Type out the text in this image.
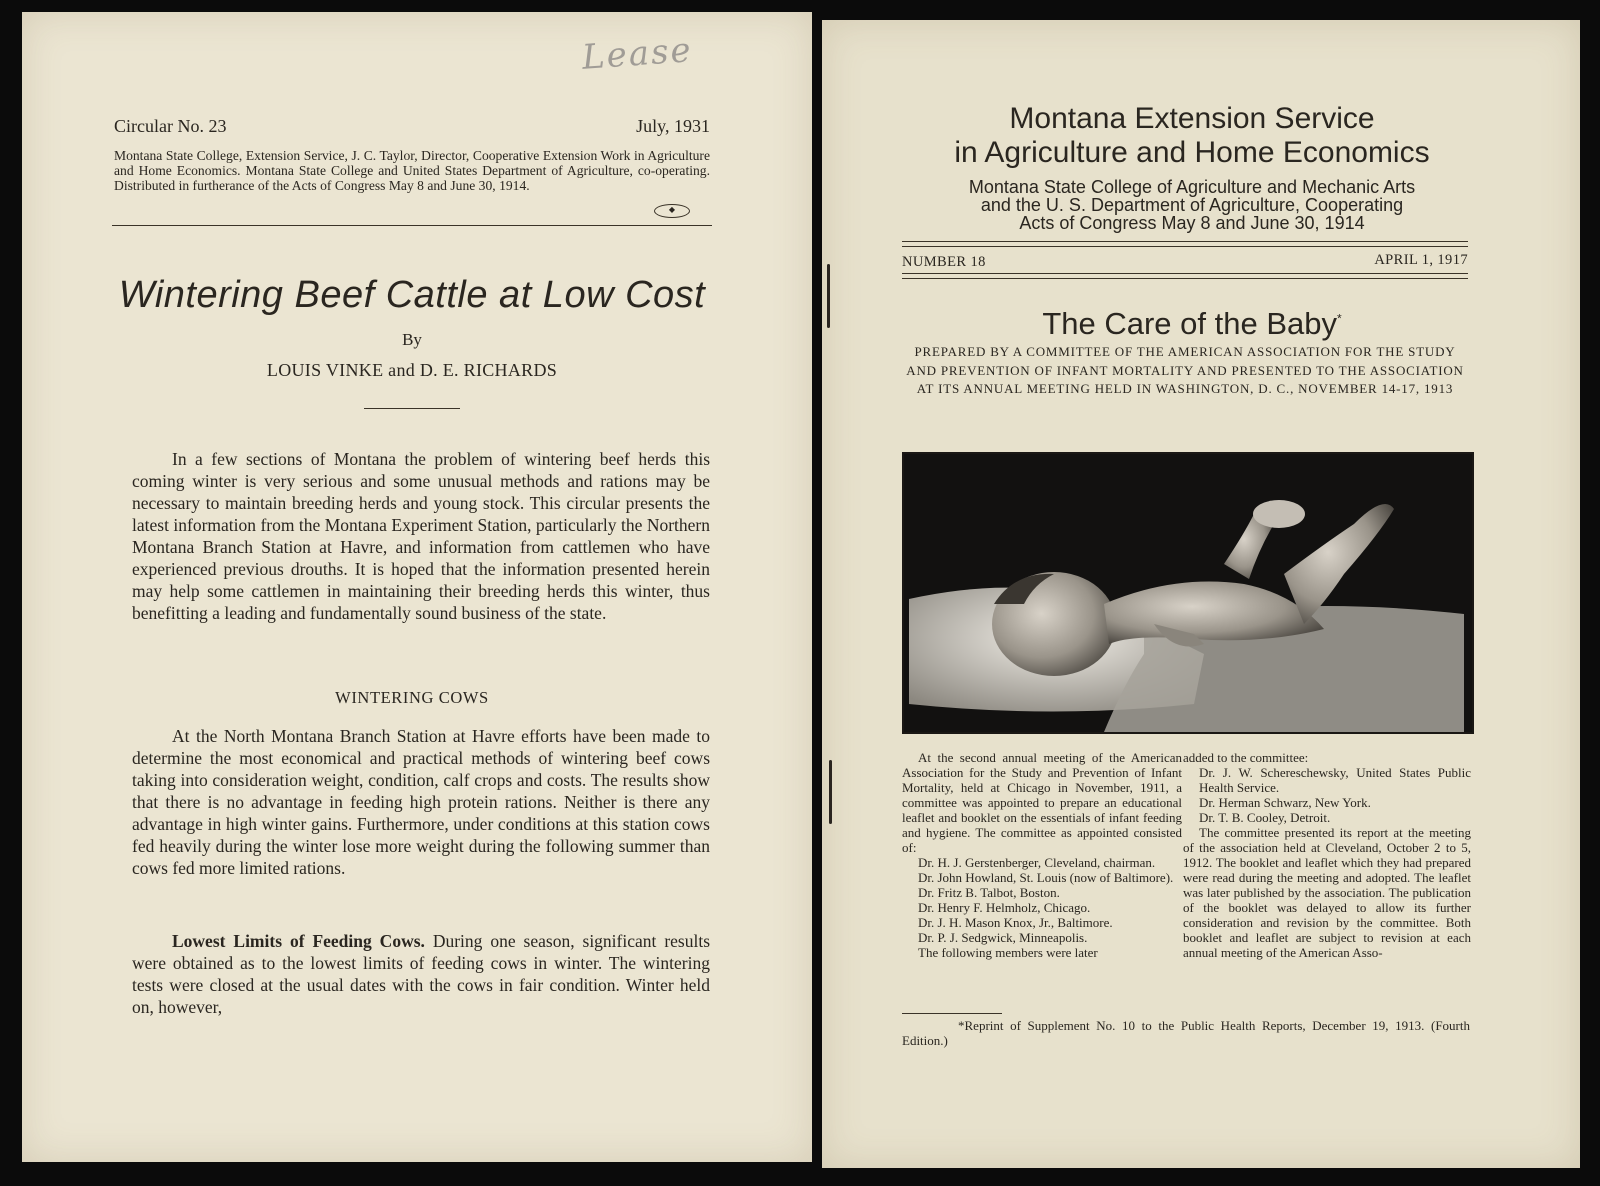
Lease
Circular No. 23	July, 1931
Montana State College, Extension Service, J. C. Taylor, Director, Cooperative Extension Work in Agriculture and Home Economics. Montana State College and United States Department of Agriculture, co-operating. Distributed in furtherance of the Acts of Congress May 8 and June 30, 1914.
◆
Wintering Beef Cattle at Low Cost
By
LOUIS VINKE and D. E. RICHARDS
In a few sections of Montana the problem of wintering beef herds this coming winter is very serious and some unusual methods and rations may be necessary to maintain breeding herds and young stock. This circular presents the latest information from the Montana Experiment Station, particularly the Northern Montana Branch Station at Havre, and information from cattlemen who have experienced previous drouths. It is hoped that the information presented herein may help some cattlemen in maintaining their breeding herds this winter, thus benefitting a leading and fundamentally sound business of the state.
WINTERING COWS
At the North Montana Branch Station at Havre efforts have been made to determine the most economical and practical methods of wintering beef cows taking into consideration weight, condition, calf crops and costs. The results show that there is no advantage in feeding high protein rations. Neither is there any advantage in high winter gains. Furthermore, under conditions at this station cows fed heavily during the winter lose more weight during the following summer than cows fed more limited rations.
Lowest Limits of Feeding Cows. During one season, significant results were obtained as to the lowest limits of feeding cows in winter. The wintering tests were closed at the usual dates with the cows in fair condition. Winter held on, however,
Montana Extension Service
in Agriculture and Home Economics
Montana State College of Agriculture and Mechanic Arts
and the U. S. Department of Agriculture, Cooperating
Acts of Congress May 8 and June 30, 1914
NUMBER 18	APRIL 1, 1917
The Care of the Baby*
PREPARED BY A COMMITTEE OF THE AMERICAN ASSOCIATION FOR THE STUDY AND PREVENTION OF INFANT MORTALITY AND PRESENTED TO THE ASSOCIATION AT ITS ANNUAL MEETING HELD IN WASHINGTON, D. C., NOVEMBER 14-17, 1913

At the second annual meeting of the American Association for the Study and Prevention of Infant Mortality, held at Chicago in November, 1911, a committee was appointed to prepare an educational leaflet and booklet on the essentials of infant feeding and hygiene. The committee as appointed consisted of:

Dr. H. J. Gerstenberger, Cleveland, chairman.

Dr. John Howland, St. Louis (now of Baltimore).

Dr. Fritz B. Talbot, Boston.

Dr. Henry F. Helmholz, Chicago.

Dr. J. H. Mason Knox, Jr., Baltimore.

Dr. P. J. Sedgwick, Minneapolis.

The following members were later

added to the committee:

Dr. J. W. Schereschewsky, United States Public Health Service.

Dr. Herman Schwarz, New York.

Dr. T. B. Cooley, Detroit.

The committee presented its report at the meeting of the association held at Cleveland, October 2 to 5, 1912. The booklet and leaflet which they had prepared were read during the meeting and adopted. The leaflet was later published by the association. The publication of the booklet was delayed to allow its further consideration and revision by the committee. Both booklet and leaflet are subject to revision at each annual meeting of the American Asso-

*Reprint of Supplement No. 10 to the Public Health Reports, December 19, 1913. (Fourth Edition.)
